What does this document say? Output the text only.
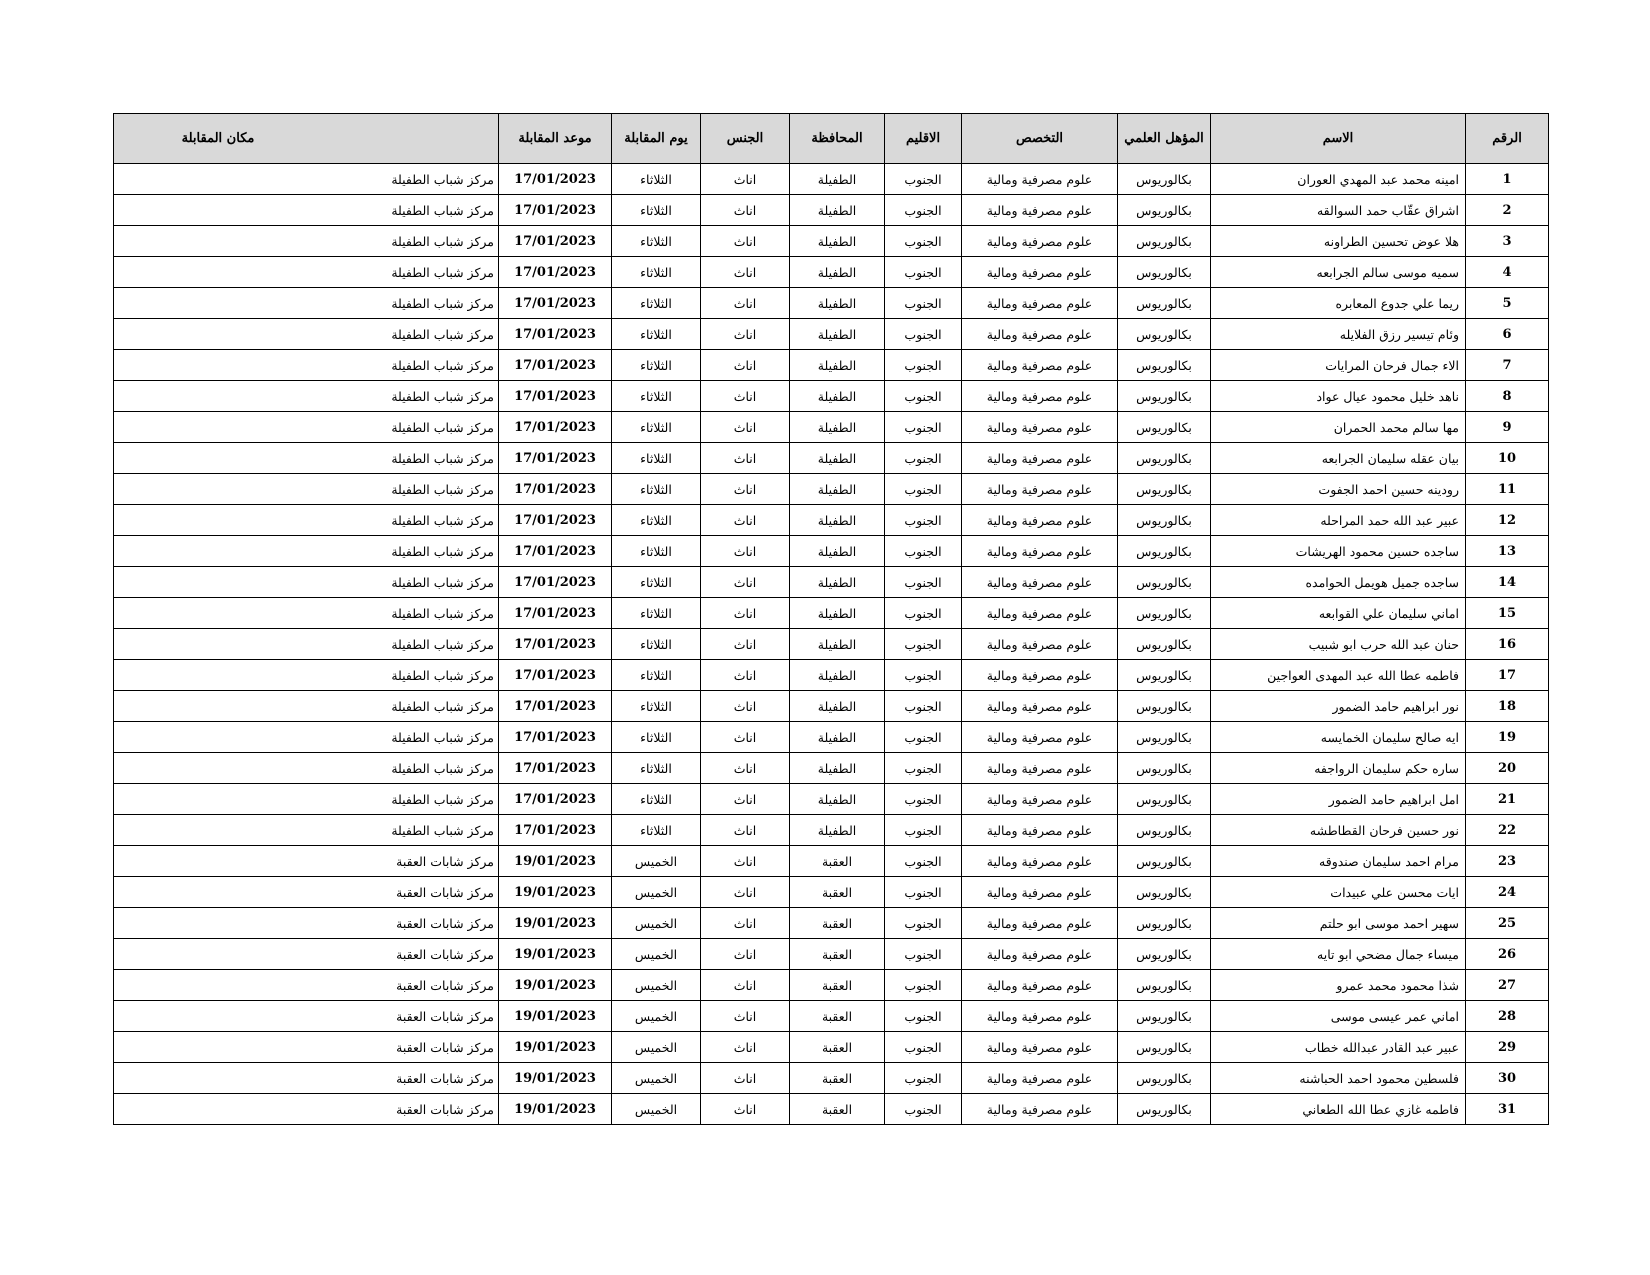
الرقم	الاسم	المؤهل العلمي	التخصص	الاقليم	المحافظة	الجنس	يوم المقابلة	موعد المقابلة	مكان المقابلة
1	امينه محمد عبد المهدي العوران	بكالوريوس	علوم مصرفية ومالية	الجنوب	الطفيلة	اناث	الثلاثاء	17/01/2023	مركز شباب الطفيلة
2	اشراق عقّاب حمد السوالقه	بكالوريوس	علوم مصرفية ومالية	الجنوب	الطفيلة	اناث	الثلاثاء	17/01/2023	مركز شباب الطفيلة
3	هلا عوض تحسين الطراونه	بكالوريوس	علوم مصرفية ومالية	الجنوب	الطفيلة	اناث	الثلاثاء	17/01/2023	مركز شباب الطفيلة
4	سميه موسى سالم الجرابعه	بكالوريوس	علوم مصرفية ومالية	الجنوب	الطفيلة	اناث	الثلاثاء	17/01/2023	مركز شباب الطفيلة
5	ريما علي جدوع المعابره	بكالوريوس	علوم مصرفية ومالية	الجنوب	الطفيلة	اناث	الثلاثاء	17/01/2023	مركز شباب الطفيلة
6	وئام تيسير رزق الفلايله	بكالوريوس	علوم مصرفية ومالية	الجنوب	الطفيلة	اناث	الثلاثاء	17/01/2023	مركز شباب الطفيلة
7	الاء جمال فرحان المرايات	بكالوريوس	علوم مصرفية ومالية	الجنوب	الطفيلة	اناث	الثلاثاء	17/01/2023	مركز شباب الطفيلة
8	ناهد خليل محمود عيال عواد	بكالوريوس	علوم مصرفية ومالية	الجنوب	الطفيلة	اناث	الثلاثاء	17/01/2023	مركز شباب الطفيلة
9	مها سالم محمد الحمران	بكالوريوس	علوم مصرفية ومالية	الجنوب	الطفيلة	اناث	الثلاثاء	17/01/2023	مركز شباب الطفيلة
10	بيان عقله سليمان الجرابعه	بكالوريوس	علوم مصرفية ومالية	الجنوب	الطفيلة	اناث	الثلاثاء	17/01/2023	مركز شباب الطفيلة
11	رودينه حسين احمد الجفوت	بكالوريوس	علوم مصرفية ومالية	الجنوب	الطفيلة	اناث	الثلاثاء	17/01/2023	مركز شباب الطفيلة
12	عبير عبد الله حمد المراحله	بكالوريوس	علوم مصرفية ومالية	الجنوب	الطفيلة	اناث	الثلاثاء	17/01/2023	مركز شباب الطفيلة
13	ساجده حسين محمود الهريشات	بكالوريوس	علوم مصرفية ومالية	الجنوب	الطفيلة	اناث	الثلاثاء	17/01/2023	مركز شباب الطفيلة
14	ساجده جميل هويمل الحوامده	بكالوريوس	علوم مصرفية ومالية	الجنوب	الطفيلة	اناث	الثلاثاء	17/01/2023	مركز شباب الطفيلة
15	اماني سليمان علي القوابعه	بكالوريوس	علوم مصرفية ومالية	الجنوب	الطفيلة	اناث	الثلاثاء	17/01/2023	مركز شباب الطفيلة
16	حنان عبد الله حرب ابو شبيب	بكالوريوس	علوم مصرفية ومالية	الجنوب	الطفيلة	اناث	الثلاثاء	17/01/2023	مركز شباب الطفيلة
17	فاطمه عطا الله عبد المهدى العواجين	بكالوريوس	علوم مصرفية ومالية	الجنوب	الطفيلة	اناث	الثلاثاء	17/01/2023	مركز شباب الطفيلة
18	نور ابراهيم حامد الضمور	بكالوريوس	علوم مصرفية ومالية	الجنوب	الطفيلة	اناث	الثلاثاء	17/01/2023	مركز شباب الطفيلة
19	ايه صالح سليمان الخمايسه	بكالوريوس	علوم مصرفية ومالية	الجنوب	الطفيلة	اناث	الثلاثاء	17/01/2023	مركز شباب الطفيلة
20	ساره حكم سليمان الرواجفه	بكالوريوس	علوم مصرفية ومالية	الجنوب	الطفيلة	اناث	الثلاثاء	17/01/2023	مركز شباب الطفيلة
21	امل ابراهيم حامد الضمور	بكالوريوس	علوم مصرفية ومالية	الجنوب	الطفيلة	اناث	الثلاثاء	17/01/2023	مركز شباب الطفيلة
22	نور حسين فرحان القطاطشه	بكالوريوس	علوم مصرفية ومالية	الجنوب	الطفيلة	اناث	الثلاثاء	17/01/2023	مركز شباب الطفيلة
23	مرام احمد سليمان صندوقه	بكالوريوس	علوم مصرفية ومالية	الجنوب	العقبة	اناث	الخميس	19/01/2023	مركز شابات العقبة
24	ايات محسن علي عبيدات	بكالوريوس	علوم مصرفية ومالية	الجنوب	العقبة	اناث	الخميس	19/01/2023	مركز شابات العقبة
25	سهير احمد موسى ابو حلتم	بكالوريوس	علوم مصرفية ومالية	الجنوب	العقبة	اناث	الخميس	19/01/2023	مركز شابات العقبة
26	ميساء جمال مضحي ابو تايه	بكالوريوس	علوم مصرفية ومالية	الجنوب	العقبة	اناث	الخميس	19/01/2023	مركز شابات العقبة
27	شذا محمود محمد عمرو	بكالوريوس	علوم مصرفية ومالية	الجنوب	العقبة	اناث	الخميس	19/01/2023	مركز شابات العقبة
28	اماني عمر عيسى موسى	بكالوريوس	علوم مصرفية ومالية	الجنوب	العقبة	اناث	الخميس	19/01/2023	مركز شابات العقبة
29	عبير عبد القادر عبدالله خطاب	بكالوريوس	علوم مصرفية ومالية	الجنوب	العقبة	اناث	الخميس	19/01/2023	مركز شابات العقبة
30	فلسطين محمود احمد الحباشنه	بكالوريوس	علوم مصرفية ومالية	الجنوب	العقبة	اناث	الخميس	19/01/2023	مركز شابات العقبة
31	فاطمه غازي عطا الله الطعاني	بكالوريوس	علوم مصرفية ومالية	الجنوب	العقبة	اناث	الخميس	19/01/2023	مركز شابات العقبة
